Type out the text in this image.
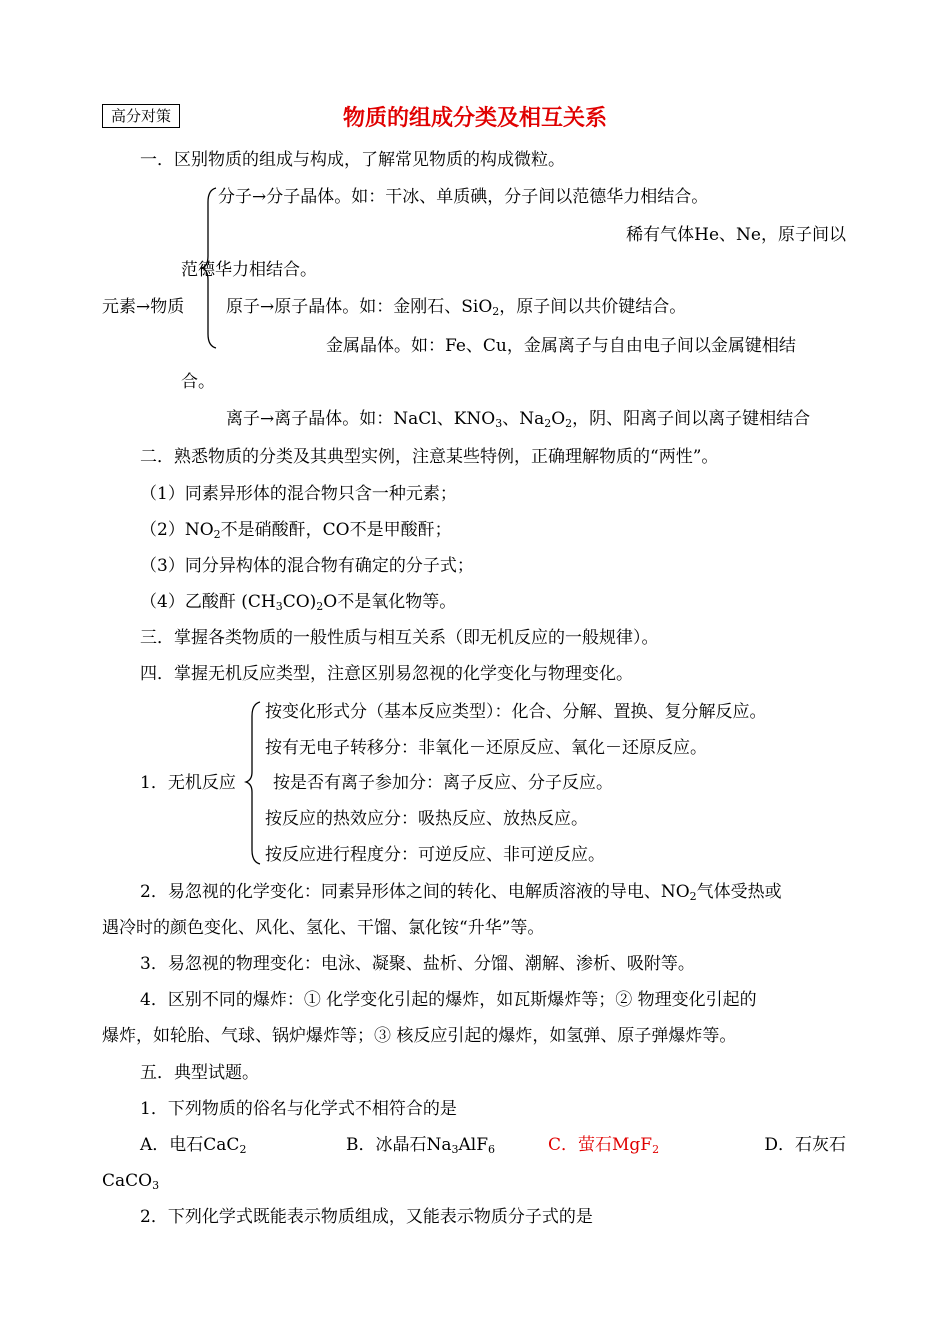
高分对策	物质的组成分类及相互关系
一．区别物质的组成与构成，了解常见物质的构成微粒。
分子→分子晶体。如：干冰、单质碘，分子间以范德华力相结合。
稀有气体He、Ne，原子间以
范德华力相结合。
元素→物质 原子→原子晶体。如：金刚石、SiO$_2$，原子间以共价键结合。
金属晶体。如：Fe、Cu，金属离子与自由电子间以金属键相结
合。
离子→离子晶体。如：NaCl、$KNO_3$、$Na_2O_2$，阴、阳离子间以离子键相结合
二．熟悉物质的分类及其典型实例，注意某些特例，正确理解物质的“两性”。
（1）同素异形体的混合物只含一种元素；
$(2)NO_2$不是硝酸酐，CO不是甲酸酐；
（3）同分异构体的混合物有确定的分子式；
（4）乙酸酐 $(CH_3CO)_2O$不是氧化物等。
三．掌握各类物质的一般性质与相互关系（即无机反应的一般规律）。
四．掌握无机反应类型，注意区别易忽视的化学变化与物理变化。
1．无机反应
按变化形式分（基本反应类型）：化合、分解、置换、复分解反应。
按有无电子转移分：非氧化－还原反应、氧化－还原反应。
按是否有离子参加分：离子反应、分子反应。
按反应的热效应分：吸热反应、放热反应。
按反应进行程度分：可逆反应、非可逆反应。
2．易忽视的化学变化：同素异形体之间的转化、电解质溶液的导电、$NO_2$气体受热或
遇冷时的颜色变化、风化、氢化、干馏、氯化铵“升华”等。
3．易忽视的物理变化：电泳、凝聚、盐析、分馏、潮解、渗析、吸附等。
4．区别不同的爆炸：① 化学变化引起的爆炸，如瓦斯爆炸等；② 物理变化引起的
爆炸，如轮胎、气球、锅炉爆炸等；③ 核反应引起的爆炸，如氢弹、原子弹爆炸等。
五．典型试题。
1．下列物质的俗名与化学式不相符合的是
A．电石CaC$_2$	B．冰晶石$Na_3AlF_6$	C．萤石MgF$_2$	D．石灰石
CaCO$_3$
2．下列化学式既能表示物质组成，又能表示物质分子式的是
